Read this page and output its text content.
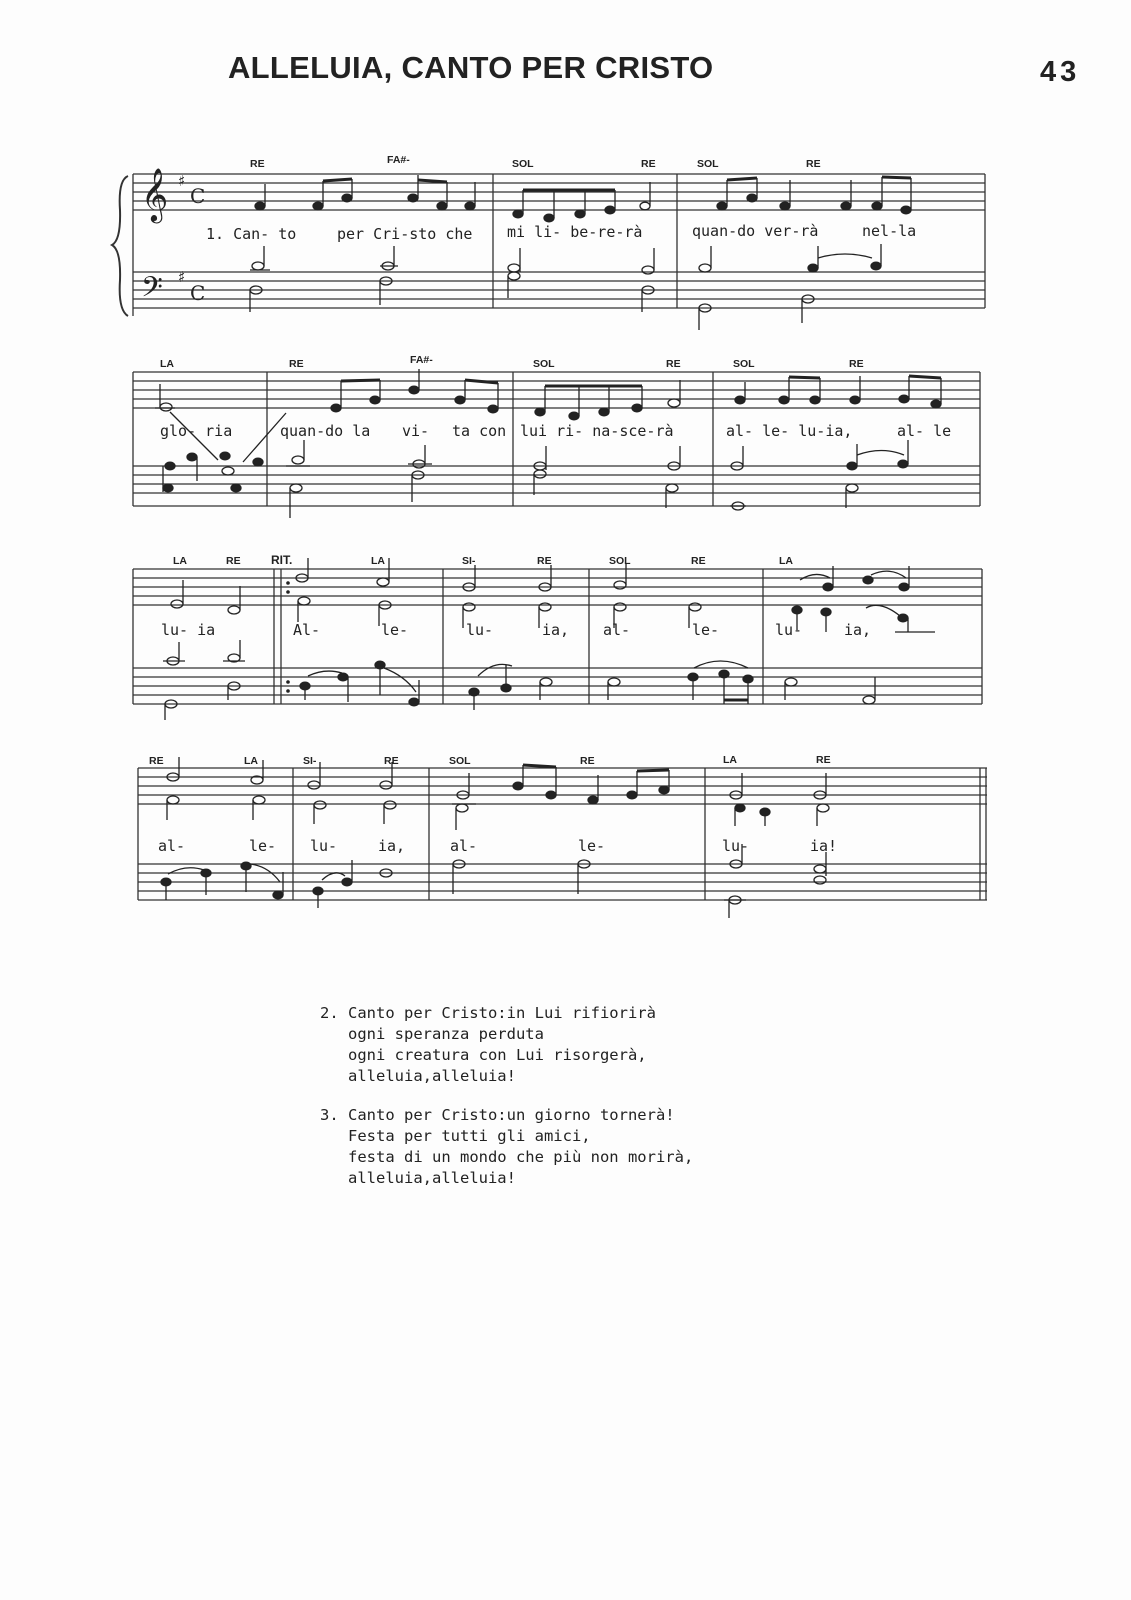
ALLELUIA, CANTO PER CRISTO	43
𝄞
𝄢
♯
♯
C
C
RE	FA#-	SOL	RE	SOL	RE
1. Can- to	per Cri-sto che mi li- be-re-rà	quan-do ver-rà	nel-la
LA	RE	FA#-	SOL	RE	SOL	RE
glo- ria	quan-do la vi- ta con lui ri- na-sce-rà	al- le- lu-ia,	al- le
LA	RE	RIT.	LA	SI-	RE	SOL	RE	LA
lu- ia	Al-	le-	lu-	ia, al-	le-	lu-	ia,
RE	LA	SI-	RE	SOL	RE	LA	RE
al-	le- lu-	ia,	al-	le-	lu-	ia!
2. Canto per Cristo:in Lui rifiorirà
ogni speranza perduta
ogni creatura con Lui risorgerà,
alleluia,alleluia!
3. Canto per Cristo:un giorno tornerà!
Festa per tutti gli amici,
festa di un mondo che più non morirà,
alleluia,alleluia!
